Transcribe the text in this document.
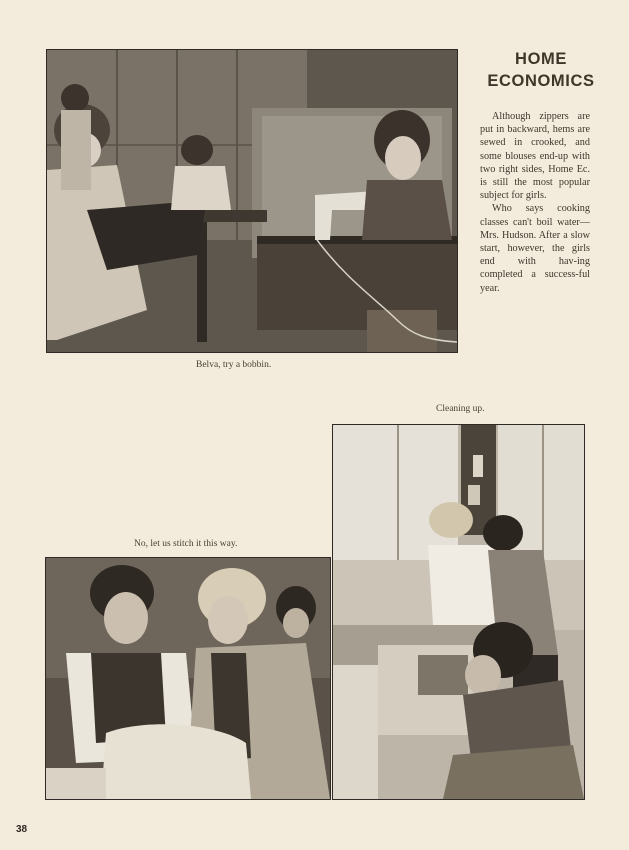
Belva, try a bobbin.
HOME
ECONOMICS

Although zippers are put in backward, hems are sewed in crooked, and some blouses end-up with two right sides, Home Ec. is still the most popular subject for girls.

Who says cooking classes can't boil water—Mrs. Hudson. After a slow start, however, the girls end with hav-ing completed a success-ful year.

Cleaning up.
No, let us stitch it this way.
38
